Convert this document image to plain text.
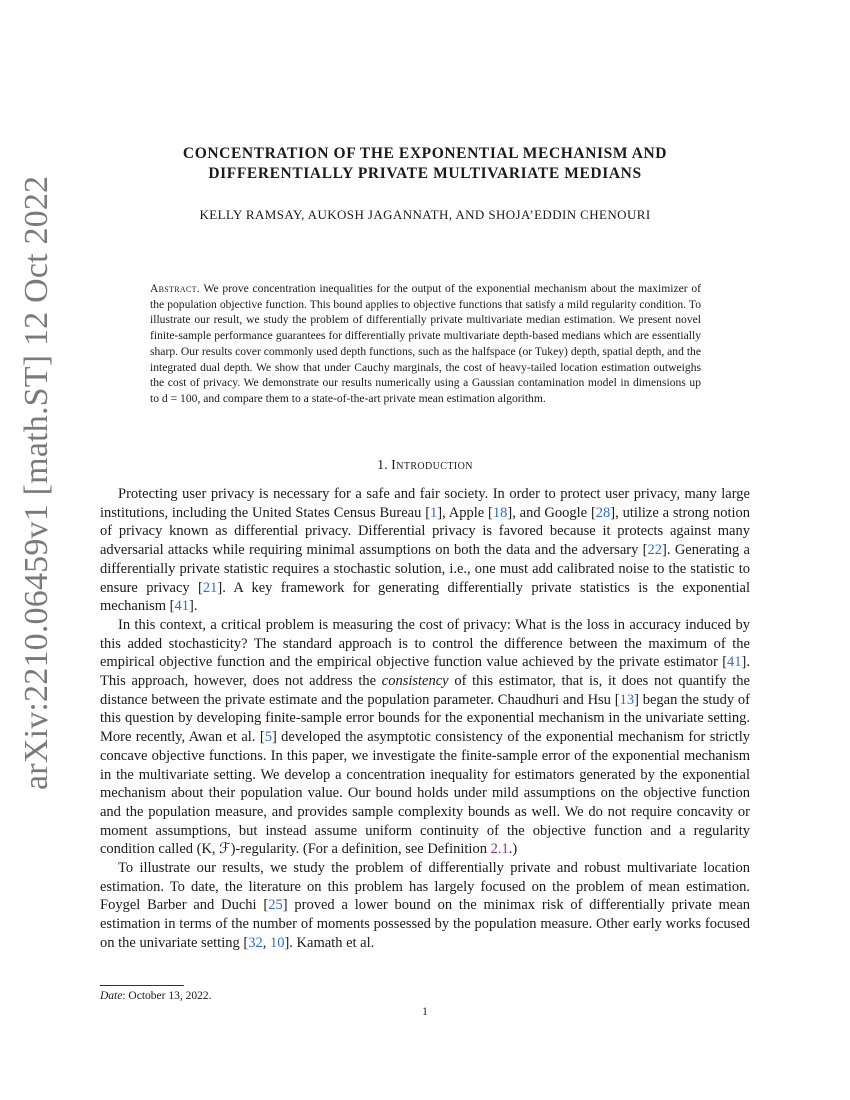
arXiv:2210.06459v1 [math.ST] 12 Oct 2022
CONCENTRATION OF THE EXPONENTIAL MECHANISM AND
DIFFERENTIALLY PRIVATE MULTIVARIATE MEDIANS
KELLY RAMSAY, AUKOSH JAGANNATH, AND SHOJA’EDDIN CHENOURI
Abstract. We prove concentration inequalities for the output of the exponential mechanism about the maximizer of the population objective function. This bound applies to objective functions that satisfy a mild regularity condition. To illustrate our result, we study the problem of differentially private multivariate median estimation. We present novel finite-sample performance guarantees for differentially private multivariate depth-based medians which are essentially sharp. Our results cover commonly used depth functions, such as the halfspace (or Tukey) depth, spatial depth, and the integrated dual depth. We show that under Cauchy marginals, the cost of heavy-tailed location estimation outweighs the cost of privacy. We demonstrate our results numerically using a Gaussian contamination model in dimensions up to d = 100, and compare them to a state-of-the-art private mean estimation algorithm.
1. Introduction

Protecting user privacy is necessary for a safe and fair society. In order to protect user privacy, many large institutions, including the United States Census Bureau [1], Apple [18], and Google [28], utilize a strong notion of privacy known as differential privacy. Differential privacy is favored because it protects against many adversarial attacks while requiring minimal assumptions on both the data and the adversary [22]. Generating a differentially private statistic requires a stochastic solution, i.e., one must add calibrated noise to the statistic to ensure privacy [21]. A key framework for generating differentially private statistics is the exponential mechanism [41].

In this context, a critical problem is measuring the cost of privacy: What is the loss in accuracy induced by this added stochasticity? The standard approach is to control the difference between the maximum of the empirical objective function and the empirical objective function value achieved by the private estimator [41]. This approach, however, does not address the consistency of this estimator, that is, it does not quantify the distance between the private estimate and the population parameter. Chaudhuri and Hsu [13] began the study of this question by developing finite-sample error bounds for the exponential mechanism in the univariate setting. More recently, Awan et al. [5] developed the asymptotic consistency of the exponential mechanism for strictly concave objective functions. In this paper, we investigate the finite-sample error of the exponential mechanism in the multivariate setting. We develop a concentration inequality for estimators generated by the exponential mechanism about their population value. Our bound holds under mild assumptions on the objective function and the population measure, and provides sample complexity bounds as well. We do not require concavity or moment assumptions, but instead assume uniform continuity of the objective function and a regularity condition called (K, ℱ)-regularity. (For a definition, see Definition 2.1.)

To illustrate our results, we study the problem of differentially private and robust multivariate location estimation. To date, the literature on this problem has largely focused on the problem of mean estimation. Foygel Barber and Duchi [25] proved a lower bound on the minimax risk of differentially private mean estimation in terms of the number of moments possessed by the population measure. Other early works focused on the univariate setting [32, 10]. Kamath et al.

Date: October 13, 2022.
1
